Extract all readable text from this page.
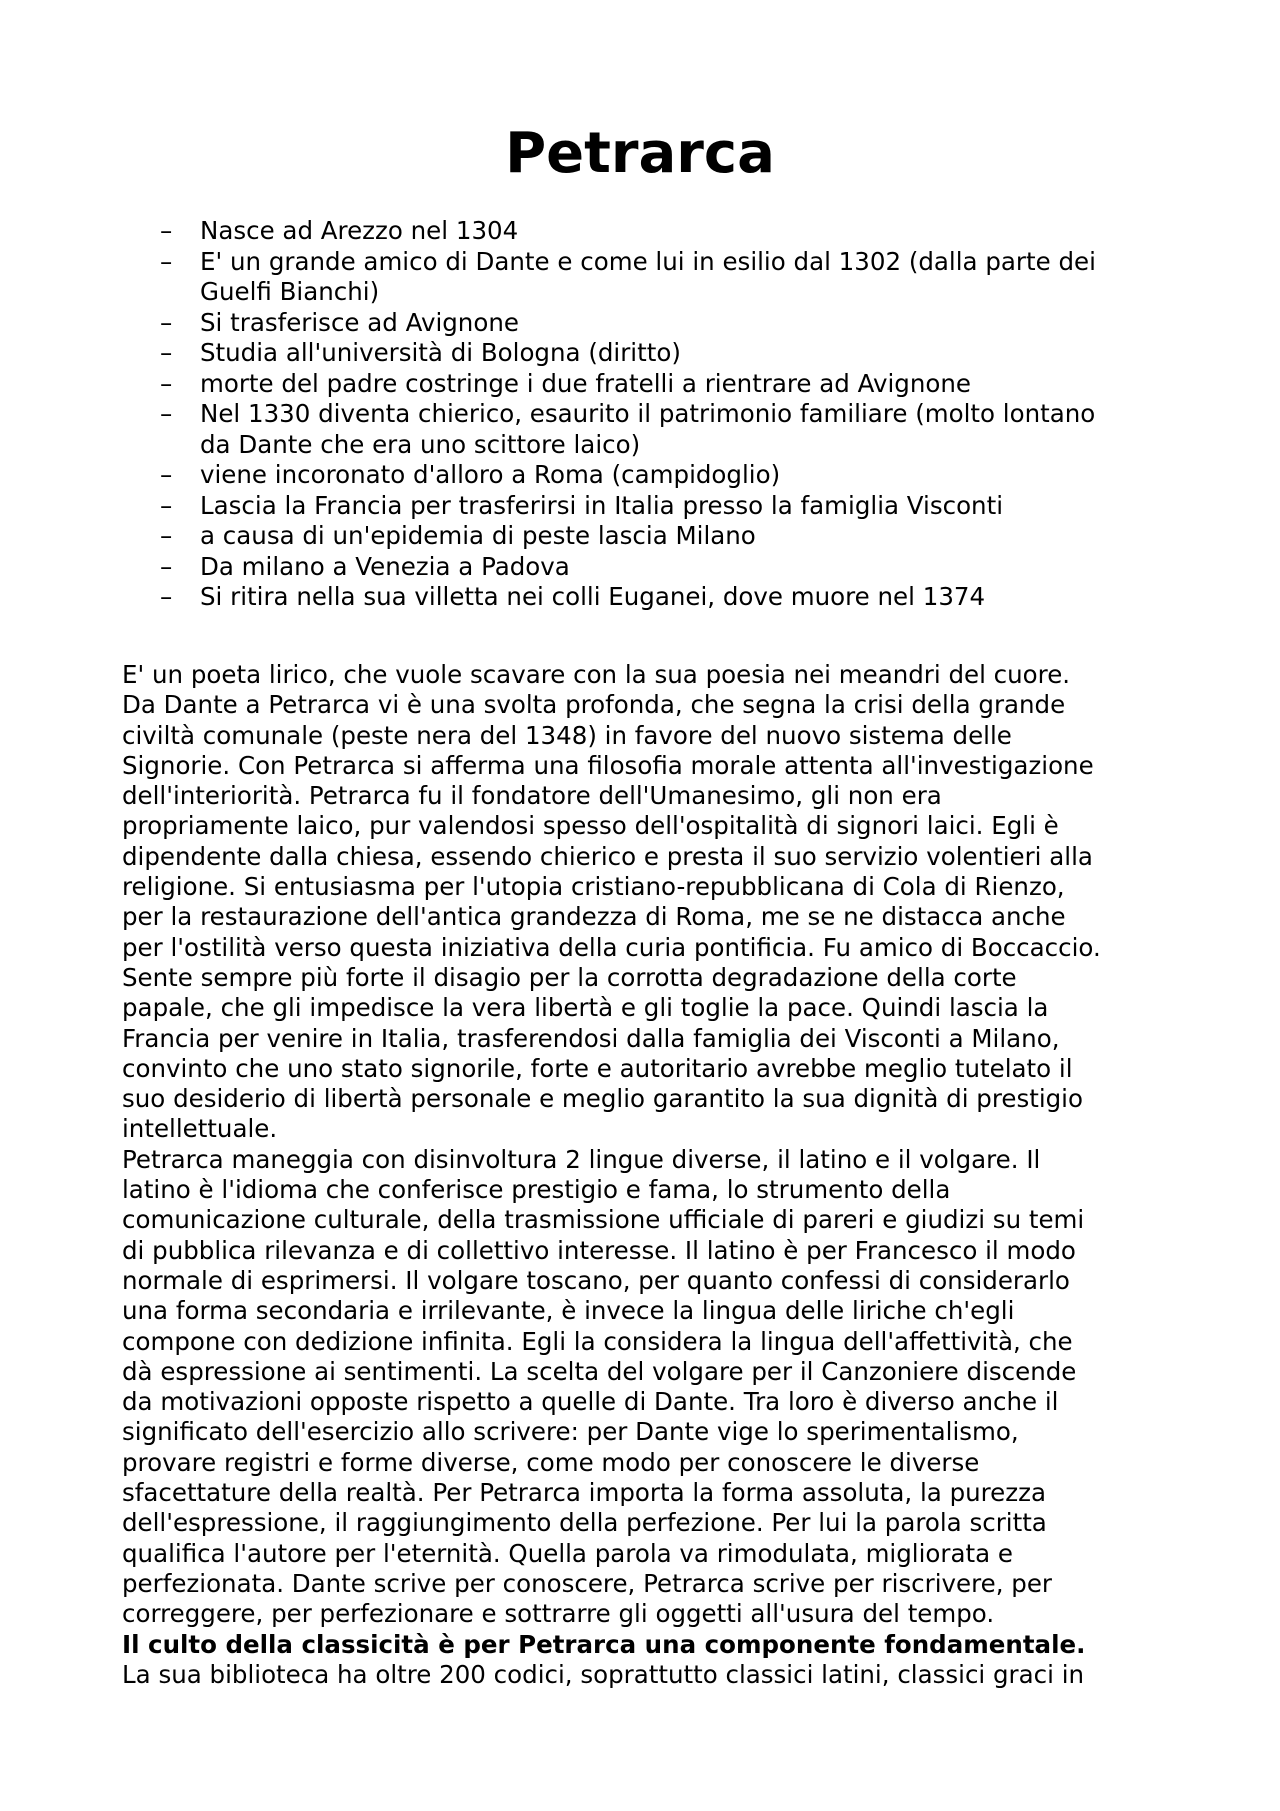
Petrarca
– Nasce ad Arezzo nel 1304
– E' un grande amico di Dante e come lui in esilio dal 1302 (dalla parte dei
Guelfi Bianchi)
– Si trasferisce ad Avignone
– Studia all'università di Bologna (diritto)
– morte del padre costringe i due fratelli a rientrare ad Avignone
– Nel 1330 diventa chierico, esaurito il patrimonio familiare (molto lontano
da Dante che era uno scittore laico)
– viene incoronato d'alloro a Roma (campidoglio)
– Lascia la Francia per trasferirsi in Italia presso la famiglia Visconti
– a causa di un'epidemia di peste lascia Milano
– Da milano a Venezia a Padova
– Si ritira nella sua villetta nei colli Euganei, dove muore nel 1374

E' un poeta lirico, che vuole scavare con la sua poesia nei meandri del cuore.
Da Dante a Petrarca vi è una svolta profonda, che segna la crisi della grande
civiltà comunale (peste nera del 1348) in favore del nuovo sistema delle
Signorie. Con Petrarca si afferma una filosofia morale attenta all'investigazione
dell'interiorità. Petrarca fu il fondatore dell'Umanesimo, gli non era
propriamente laico, pur valendosi spesso dell'ospitalità di signori laici. Egli è
dipendente dalla chiesa, essendo chierico e presta il suo servizio volentieri alla
religione. Si entusiasma per l'utopia cristiano-repubblicana di Cola di Rienzo,
per la restaurazione dell'antica grandezza di Roma, me se ne distacca anche
per l'ostilità verso questa iniziativa della curia pontificia. Fu amico di Boccaccio.
Sente sempre più forte il disagio per la corrotta degradazione della corte
papale, che gli impedisce la vera libertà e gli toglie la pace. Quindi lascia la
Francia per venire in Italia, trasferendosi dalla famiglia dei Visconti a Milano,
convinto che uno stato signorile, forte e autoritario avrebbe meglio tutelato il
suo desiderio di libertà personale e meglio garantito la sua dignità di prestigio
intellettuale.

Petrarca maneggia con disinvoltura 2 lingue diverse, il latino e il volgare. Il
latino è l'idioma che conferisce prestigio e fama, lo strumento della
comunicazione culturale, della trasmissione ufficiale di pareri e giudizi su temi
di pubblica rilevanza e di collettivo interesse. Il latino è per Francesco il modo
normale di esprimersi. Il volgare toscano, per quanto confessi di considerarlo
una forma secondaria e irrilevante, è invece la lingua delle liriche ch'egli
compone con dedizione infinita. Egli la considera la lingua dell'affettività, che
dà espressione ai sentimenti. La scelta del volgare per il Canzoniere discende
da motivazioni opposte rispetto a quelle di Dante. Tra loro è diverso anche il
significato dell'esercizio allo scrivere: per Dante vige lo sperimentalismo,
provare registri e forme diverse, come modo per conoscere le diverse
sfacettature della realtà. Per Petrarca importa la forma assoluta, la purezza
dell'espressione, il raggiungimento della perfezione. Per lui la parola scritta
qualifica l'autore per l'eternità. Quella parola va rimodulata, migliorata e
perfezionata. Dante scrive per conoscere, Petrarca scrive per riscrivere, per
correggere, per perfezionare e sottrarre gli oggetti all'usura del tempo.

Il culto della classicità è per Petrarca una componente fondamentale.

La sua biblioteca ha oltre 200 codici, soprattutto classici latini, classici graci in
